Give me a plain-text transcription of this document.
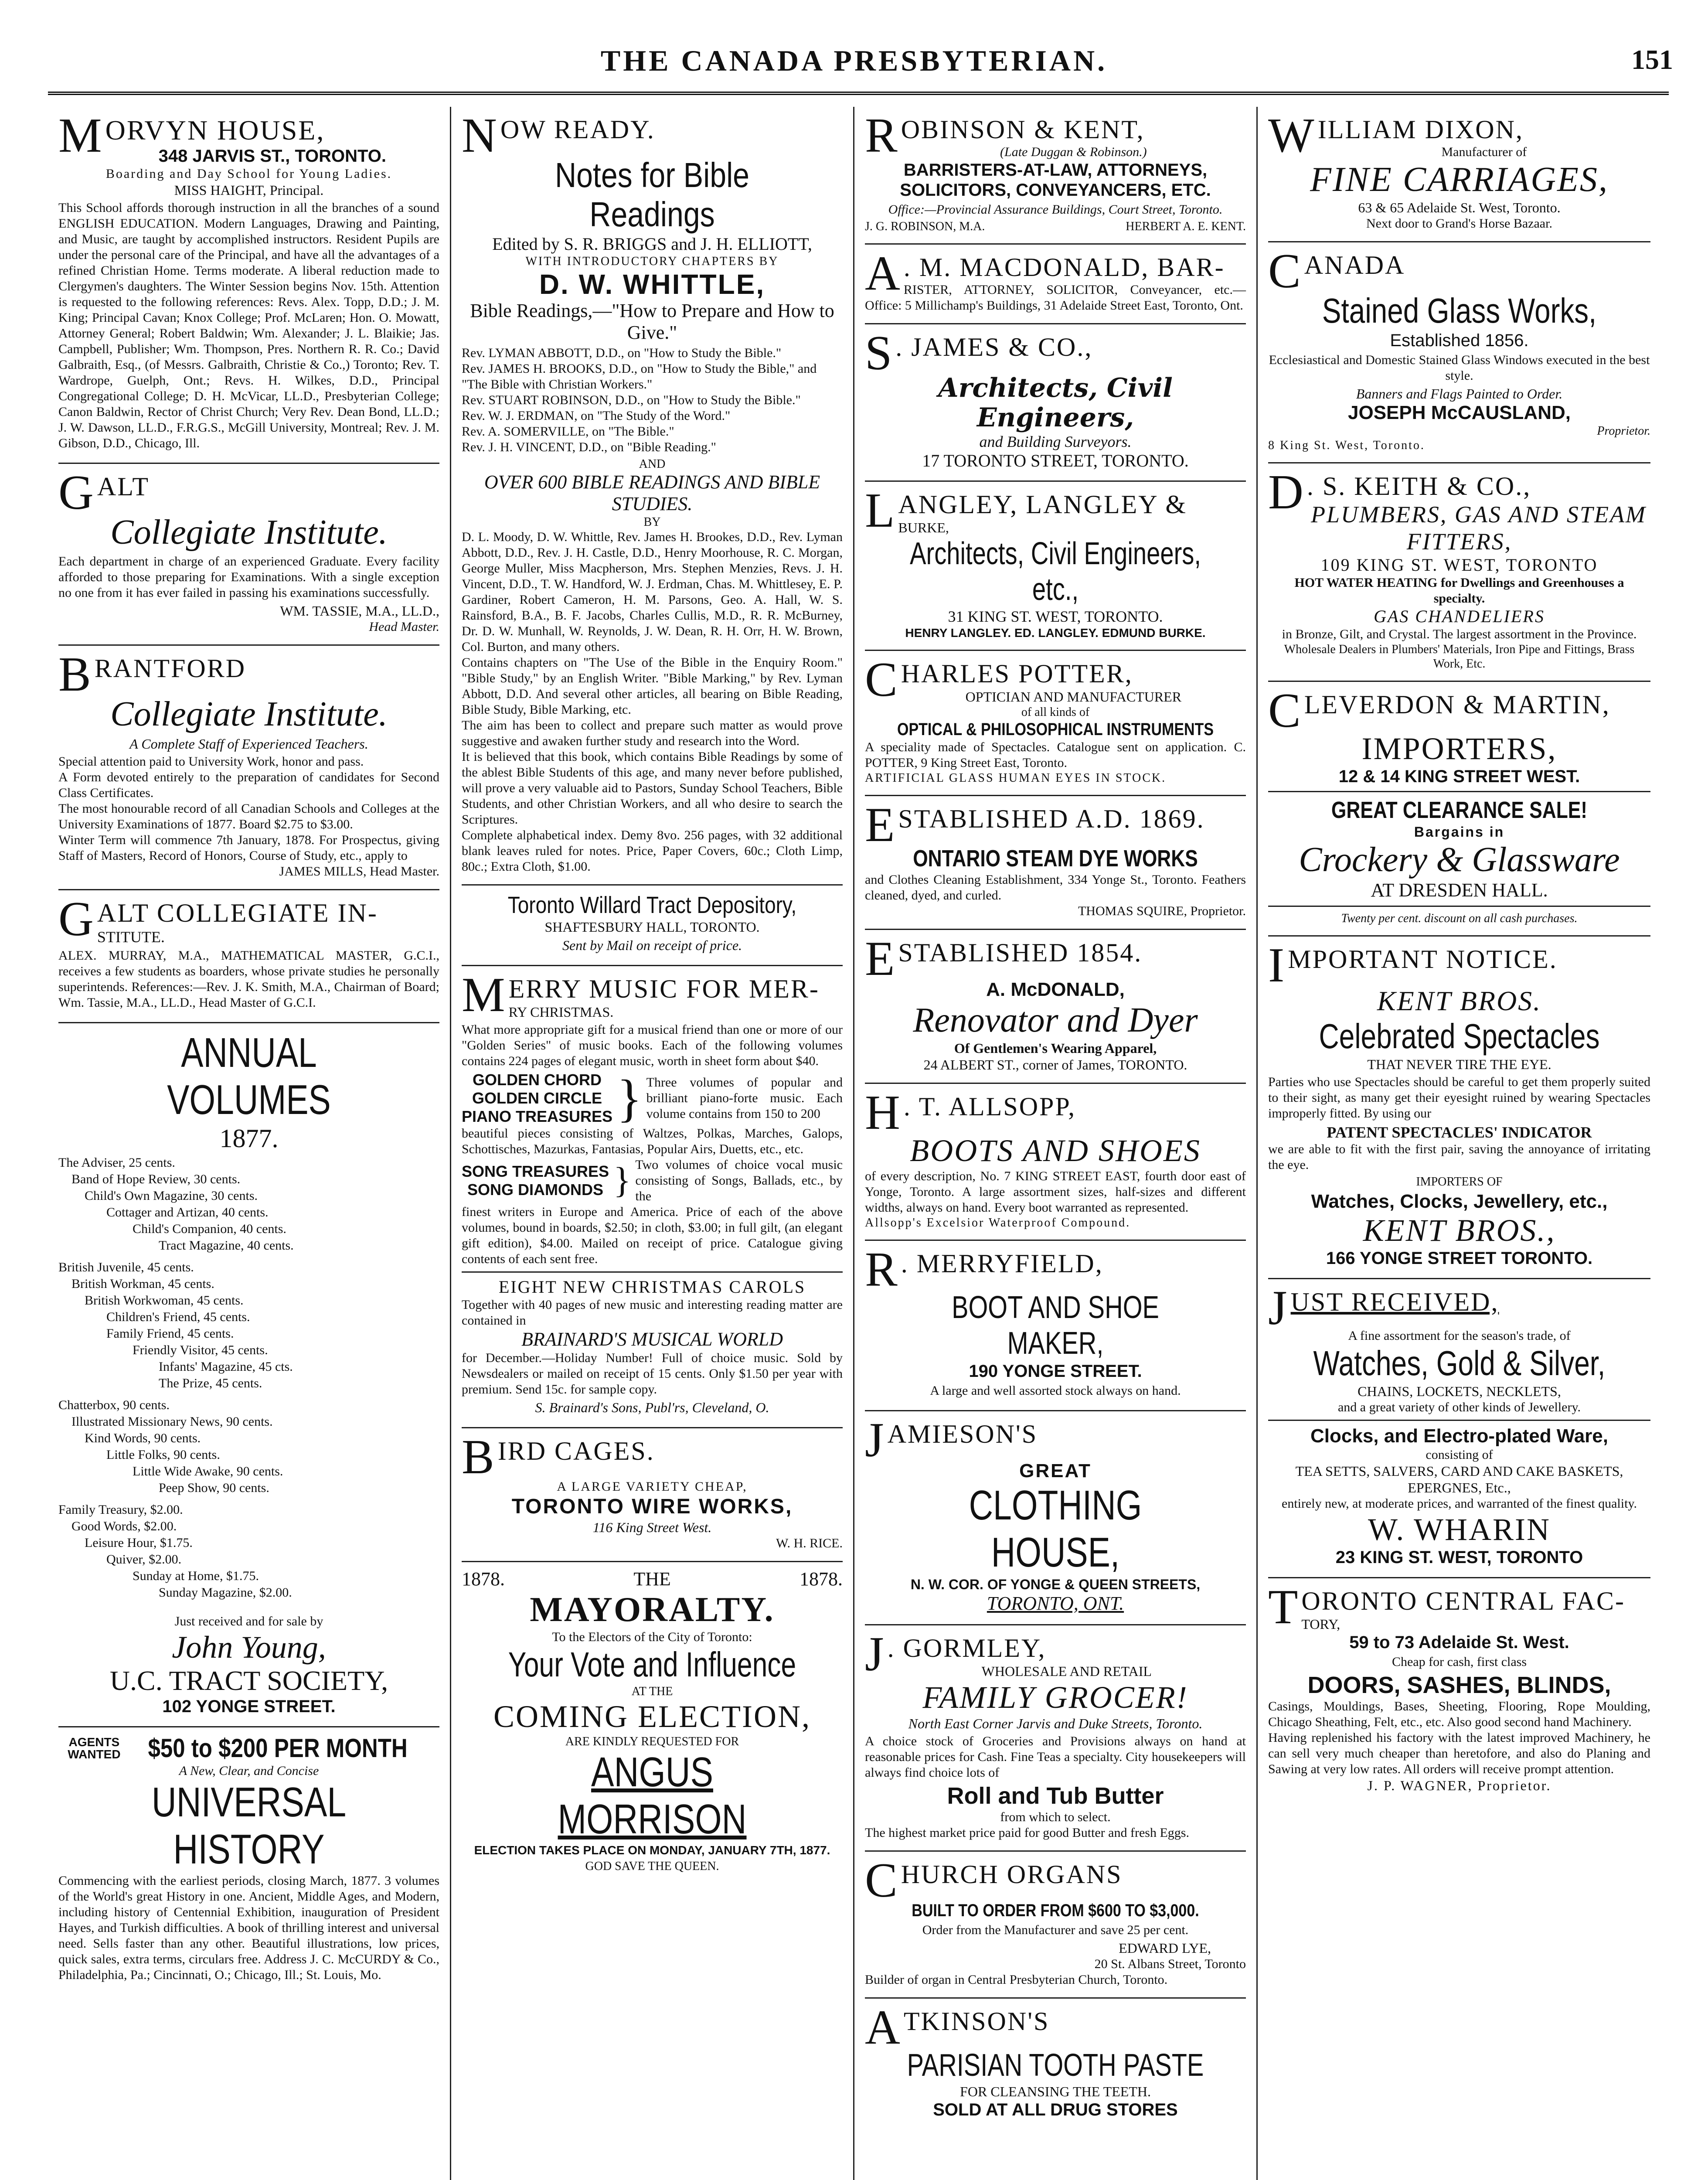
THE CANADA PRESBYTERIAN.	151
MORVYN HOUSE,
348 JARVIS ST., TORONTO.
Boarding and Day School for Young Ladies.
MISS HAIGHT, Principal.
This School affords thorough instruction in all the branches of a sound ENGLISH EDUCATION. Modern Languages, Drawing and Painting, and Music, are taught by accomplished instructors. Resident Pupils are under the personal care of the Principal, and have all the advantages of a refined Christian Home. Terms moderate. A liberal reduction made to Clergymen's daughters. The Winter Session begins Nov. 15th. Attention is requested to the following references: Revs. Alex. Topp, D.D.; J. M. King; Principal Cavan; Knox College; Prof. McLaren; Hon. O. Mowatt, Attorney General; Robert Baldwin; Wm. Alexander; J. L. Blaikie; Jas. Campbell, Publisher; Wm. Thompson, Pres. Northern R. R. Co.; David Galbraith, Esq., (of Messrs. Galbraith, Christie & Co.,) Toronto; Rev. T. Wardrope, Guelph, Ont.; Revs. H. Wilkes, D.D., Principal Congregational College; D. H. McVicar, LL.D., Presbyterian College; Canon Baldwin, Rector of Christ Church; Very Rev. Dean Bond, LL.D.; J. W. Dawson, LL.D., F.R.G.S., McGill University, Montreal; Rev. J. M. Gibson, D.D., Chicago, Ill.
GALT
Collegiate Institute.
Each department in charge of an experienced Graduate. Every facility afforded to those preparing for Examinations. With a single exception no one from it has ever failed in passing his examinations successfully.
WM. TASSIE, M.A., LL.D.,
Head Master.
BRANTFORD
Collegiate Institute.
A Complete Staff of Experienced Teachers.
Special attention paid to University Work, honor and pass.
A Form devoted entirely to the preparation of candidates for Second Class Certificates.
The most honourable record of all Canadian Schools and Colleges at the University Examinations of 1877. Board $2.75 to $3.00.
Winter Term will commence 7th January, 1878. For Prospectus, giving Staff of Masters, Record of Honors, Course of Study, etc., apply to
JAMES MILLS, Head Master.
GALT COLLEGIATE IN-
STITUTE.
ALEX. MURRAY, M.A., MATHEMATICAL MASTER, G.C.I., receives a few students as boarders, whose private studies he personally superintends. References:—Rev. J. K. Smith, M.A., Chairman of Board; Wm. Tassie, M.A., LL.D., Head Master of G.C.I.
ANNUAL VOLUMES
1877.
The Adviser, 25 cents.
Band of Hope Review, 30 cents.
Child's Own Magazine, 30 cents.
Cottager and Artizan, 40 cents.
Child's Companion, 40 cents.
Tract Magazine, 40 cents.
British Juvenile, 45 cents.
British Workman, 45 cents.
British Workwoman, 45 cents.
Children's Friend, 45 cents.
Family Friend, 45 cents.
Friendly Visitor, 45 cents.
Infants' Magazine, 45 cts.
The Prize, 45 cents.
Chatterbox, 90 cents.
Illustrated Missionary News, 90 cents.
Kind Words, 90 cents.
Little Folks, 90 cents.
Little Wide Awake, 90 cents.
Peep Show, 90 cents.
Family Treasury, $2.00.
Good Words, $2.00.
Leisure Hour, $1.75.
Quiver, $2.00.
Sunday at Home, $1.75.
Sunday Magazine, $2.00.
Just received and for sale by
John Young,
U.C. TRACT SOCIETY,
102 YONGE STREET.
AGENTS
WANTED $50 to $200 PER MONTH
A New, Clear, and Concise
UNIVERSAL HISTORY
Commencing with the earliest periods, closing March, 1877. 3 volumes of the World's great History in one. Ancient, Middle Ages, and Modern, including history of Centennial Exhibition, inauguration of President Hayes, and Turkish difficulties. A book of thrilling interest and universal need. Sells faster than any other. Beautiful illustrations, low prices, quick sales, extra terms, circulars free. Address J. C. McCURDY & Co., Philadelphia, Pa.; Cincinnati, O.; Chicago, Ill.; St. Louis, Mo.
NOW READY.
Notes for Bible Readings
Edited by S. R. BRIGGS and J. H. ELLIOTT,
WITH INTRODUCTORY CHAPTERS BY
D. W. WHITTLE,
Bible Readings,—"How to Prepare and How to Give."
Rev. LYMAN ABBOTT, D.D., on "How to Study the Bible."
Rev. JAMES H. BROOKS, D.D., on "How to Study the Bible," and "The Bible with Christian Workers."
Rev. STUART ROBINSON, D.D., on "How to Study the Bible."
Rev. W. J. ERDMAN, on "The Study of the Word."
Rev. A. SOMERVILLE, on "The Bible."
Rev. J. H. VINCENT, D.D., on "Bible Reading."
AND
OVER 600 BIBLE READINGS AND BIBLE STUDIES.
BY
D. L. Moody, D. W. Whittle, Rev. James H. Brookes, D.D., Rev. Lyman Abbott, D.D., Rev. J. H. Castle, D.D., Henry Moorhouse, R. C. Morgan, George Muller, Miss Macpherson, Mrs. Stephen Menzies, Revs. J. H. Vincent, D.D., T. W. Handford, W. J. Erdman, Chas. M. Whittlesey, E. P. Gardiner, Robert Cameron, H. M. Parsons, Geo. A. Hall, W. S. Rainsford, B.A., B. F. Jacobs, Charles Cullis, M.D., R. R. McBurney, Dr. D. W. Munhall, W. Reynolds, J. W. Dean, R. H. Orr, H. W. Brown, Col. Burton, and many others.
Contains chapters on "The Use of the Bible in the Enquiry Room." "Bible Study," by an English Writer. "Bible Marking," by Rev. Lyman Abbott, D.D. And several other articles, all bearing on Bible Reading, Bible Study, Bible Marking, etc.
The aim has been to collect and prepare such matter as would prove suggestive and awaken further study and research into the Word.
It is believed that this book, which contains Bible Readings by some of the ablest Bible Students of this age, and many never before published, will prove a very valuable aid to Pastors, Sunday School Teachers, Bible Students, and other Christian Workers, and all who desire to search the Scriptures.
Complete alphabetical index. Demy 8vo. 256 pages, with 32 additional blank leaves ruled for notes. Price, Paper Covers, 60c.; Cloth Limp, 80c.; Extra Cloth, $1.00.
Toronto Willard Tract Depository,
SHAFTESBURY HALL, TORONTO.
Sent by Mail on receipt of price.
MERRY MUSIC FOR MER-
RY CHRISTMAS.
What more appropriate gift for a musical friend than one or more of our "Golden Series" of music books. Each of the following volumes contains 224 pages of elegant music, worth in sheet form about $40.
GOLDEN CHORD
GOLDEN CIRCLE
PIANO TREASURES } Three volumes of popular and brilliant piano-forte music. Each volume contains from 150 to 200
beautiful pieces consisting of Waltzes, Polkas, Marches, Galops, Schottisches, Mazurkas, Fantasias, Popular Airs, Duetts, etc., etc.
SONG TREASURES
SONG DIAMONDS } Two volumes of choice vocal music consisting of Songs, Ballads, etc., by the
finest writers in Europe and America. Price of each of the above volumes, bound in boards, $2.50; in cloth, $3.00; in full gilt, (an elegant gift edition), $4.00. Mailed on receipt of price. Catalogue giving contents of each sent free.
EIGHT NEW CHRISTMAS CAROLS
Together with 40 pages of new music and interesting reading matter are contained in
BRAINARD'S MUSICAL WORLD
for December.—Holiday Number! Full of choice music. Sold by Newsdealers or mailed on receipt of 15 cents. Only $1.50 per year with premium. Send 15c. for sample copy.
S. Brainard's Sons, Publ'rs, Cleveland, O.
BIRD CAGES.
A LARGE VARIETY CHEAP,
TORONTO WIRE WORKS,
116 King Street West.
W. H. RICE.
1878.	THE	1878.
MAYORALTY.
To the Electors of the City of Toronto:
Your Vote and Influence
AT THE
COMING ELECTION,
ARE KINDLY REQUESTED FOR
ANGUS MORRISON
ELECTION TAKES PLACE ON MONDAY, JANUARY 7TH, 1877.
GOD SAVE THE QUEEN.
ROBINSON & KENT,
(Late Duggan & Robinson.)
BARRISTERS-AT-LAW, ATTORNEYS,
SOLICITORS, CONVEYANCERS, ETC.
Office:—Provincial Assurance Buildings, Court Street, Toronto.
J. G. ROBINSON, M.A.	HERBERT A. E. KENT.
A . M. MACDONALD, BAR-
RISTER, ATTORNEY, SOLICITOR, Conveyancer, etc.—Office: 5 Millichamp's Buildings, 31 Adelaide Street East, Toronto, Ont.
S . JAMES & CO.,
Architects, Civil Engineers,
and Building Surveyors.
17 TORONTO STREET, TORONTO.
LANGLEY, LANGLEY &
BURKE,
Architects, Civil Engineers, etc.,
31 KING ST. WEST, TORONTO.
HENRY LANGLEY. ED. LANGLEY. EDMUND BURKE.
CHARLES POTTER,
OPTICIAN AND MANUFACTURER
of all kinds of
OPTICAL & PHILOSOPHICAL INSTRUMENTS
A speciality made of Spectacles. Catalogue sent on application. C. POTTER, 9 King Street East, Toronto.
ARTIFICIAL GLASS HUMAN EYES IN STOCK.
ESTABLISHED A.D. 1869.
ONTARIO STEAM DYE WORKS
and Clothes Cleaning Establishment, 334 Yonge St., Toronto. Feathers cleaned, dyed, and curled.
THOMAS SQUIRE, Proprietor.
ESTABLISHED 1854.
A. McDONALD,
Renovator and Dyer
Of Gentlemen's Wearing Apparel,
24 ALBERT ST., corner of James, TORONTO.
H . T. ALLSOPP,
BOOTS AND SHOES
of every description, No. 7 KING STREET EAST, fourth door east of Yonge, Toronto. A large assortment sizes, half-sizes and different widths, always on hand. Every boot warranted as represented.
Allsopp's Excelsior Waterproof Compound.
R . MERRYFIELD,
BOOT AND SHOE MAKER,
190 YONGE STREET.
A large and well assorted stock always on hand.
JAMIESON'S
GREAT
CLOTHING HOUSE,
N. W. COR. OF YONGE & QUEEN STREETS,
TORONTO, ONT.
J . GORMLEY,
WHOLESALE AND RETAIL
FAMILY GROCER!
North East Corner Jarvis and Duke Streets, Toronto.
A choice stock of Groceries and Provisions always on hand at reasonable prices for Cash. Fine Teas a specialty. City housekeepers will always find choice lots of
Roll and Tub Butter
from which to select.
The highest market price paid for good Butter and fresh Eggs.
CHURCH ORGANS
BUILT TO ORDER FROM $600 TO $3,000.
Order from the Manufacturer and save 25 per cent.
EDWARD LYE,
20 St. Albans Street, Toronto
Builder of organ in Central Presbyterian Church, Toronto.
ATKINSON'S
PARISIAN TOOTH PASTE
FOR CLEANSING THE TEETH.
SOLD AT ALL DRUG STORES
WILLIAM DIXON,
Manufacturer of
FINE CARRIAGES,
63 & 65 Adelaide St. West, Toronto.
Next door to Grand's Horse Bazaar.
CANADA
Stained Glass Works,
Established 1856.
Ecclesiastical and Domestic Stained Glass Windows executed in the best style.
Banners and Flags Painted to Order.
JOSEPH McCAUSLAND,
Proprietor.
8 King St. West, Toronto.
D . S. KEITH & CO.,
PLUMBERS, GAS AND STEAM FITTERS,
109 KING ST. WEST, TORONTO
HOT WATER HEATING for Dwellings and Greenhouses a specialty.
GAS CHANDELIERS
in Bronze, Gilt, and Crystal. The largest assortment in the Province.
Wholesale Dealers in Plumbers' Materials, Iron Pipe and Fittings, Brass Work, Etc.
CLEVERDON & MARTIN,
IMPORTERS,
12 & 14 KING STREET WEST.
GREAT CLEARANCE SALE!
Bargains in
Crockery & Glassware
AT DRESDEN HALL.
Twenty per cent. discount on all cash purchases.
IMPORTANT NOTICE.
KENT BROS.
Celebrated Spectacles
THAT NEVER TIRE THE EYE.
Parties who use Spectacles should be careful to get them properly suited to their sight, as many get their eyesight ruined by wearing Spectacles improperly fitted. By using our
PATENT SPECTACLES' INDICATOR
we are able to fit with the first pair, saving the annoyance of irritating the eye.
IMPORTERS OF
Watches, Clocks, Jewellery, etc.,
KENT BROS.,
166 YONGE STREET TORONTO.
JUST RECEIVED,
A fine assortment for the season's trade, of
Watches, Gold & Silver,
CHAINS, LOCKETS, NECKLETS,
and a great variety of other kinds of Jewellery.
Clocks, and Electro-plated Ware,
consisting of
TEA SETTS, SALVERS, CARD AND CAKE BASKETS, EPERGNES, Etc.,
entirely new, at moderate prices, and warranted of the finest quality.
W. WHARIN
23 KING ST. WEST, TORONTO
TORONTO CENTRAL FAC-
TORY,
59 to 73 Adelaide St. West.
Cheap for cash, first class
DOORS, SASHES, BLINDS,
Casings, Mouldings, Bases, Sheeting, Flooring, Rope Moulding, Chicago Sheathing, Felt, etc., etc. Also good second hand Machinery.
Having replenished his factory with the latest improved Machinery, he can sell very much cheaper than heretofore, and also do Planing and Sawing at very low rates. All orders will receive prompt attention.
J. P. WAGNER, Proprietor.
